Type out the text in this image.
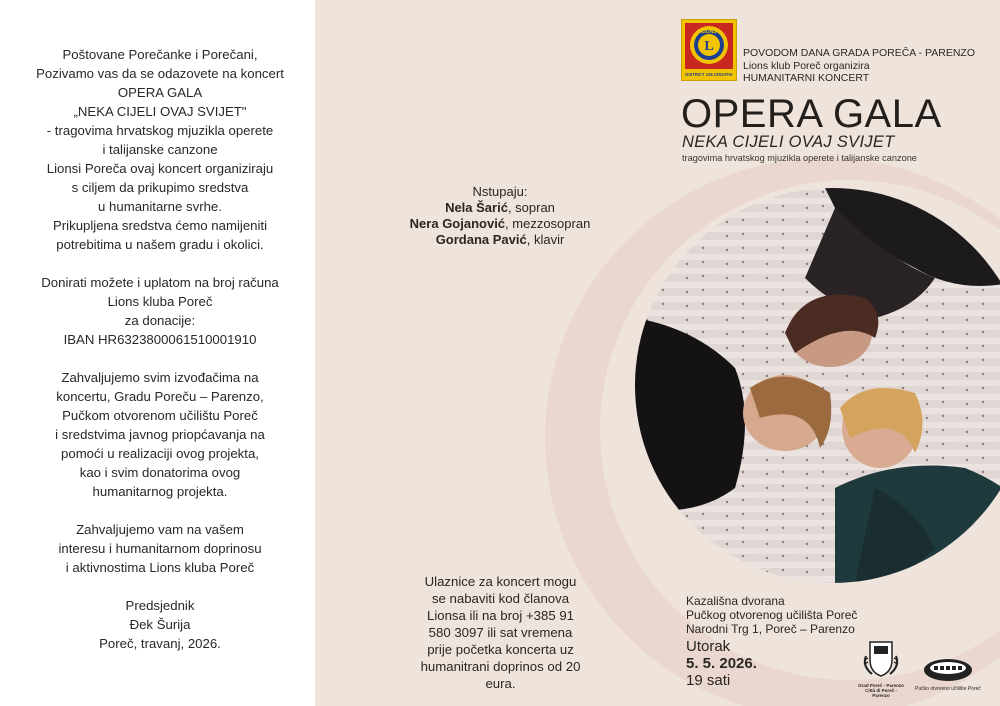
Poštovane Porečanke i Porečani,

Pozivamo vas da se odazovete na koncert

OPERA GALA

„NEKA CIJELI OVAJ SVIJET"

- tragovima hrvatskog mjuzikla operete

i talijanske canzone

Lionsi Poreča ovaj koncert organiziraju

s ciljem da prikupimo sredstva

u humanitarne svrhe.

Prikupljena sredstva ćemo namijeniti

potrebitima u našem gradu i okolici.

Donirati možete i uplatom na broj računa

Lions kluba Poreč

za donacije:

IBAN HR6323800061510001910

Zahvaljujemo svim izvođačima na

koncertu, Gradu Poreču – Parenzo,

Pučkom otvorenom učilištu Poreč

i sredstvima javnog priopćavanja na

pomoći u realizaciji ovog projekta,

kao i svim donatorima ovog

humanitarnog projekta.

Zahvaljujemo vam na vašem

interesu i humanitarnom doprinosu

i aktivnostima Lions kluba Poreč

Predsjednik

Đek Šurija

Poreč, travanj, 2026.

Nstupaju:
Nela Šarić, sopran
Nera Gojanović, mezzosopran
Gordana Pavić, klavir
Ulaznice za koncert mogu
se nabaviti kod članova
Lionsa ili na broj +385 91
580 3097 ili sat vremena
prije početka koncerta uz
humanitrani doprinos od 20
eura.
L
LIONS
DISTRICT 126 CROATIA
POVODOM DANA GRADA POREČA - PARENZO
Lions klub Poreč organizira
HUMANITARNI KONCERT
OPERA GALA
NEKA CIJELI OVAJ SVIJET
tragovima hrvatskog mjuzikla operete i talijanske canzone
Kazališna dvorana
Pučkog otvorenog učilišta Poreč
Narodni Trg 1, Poreč – Parenzo
Utorak
5. 5. 2026.
19 sati	Grad Poreč - Parenzo
Città di Poreč - Parenzo
Pučko otvoreno učilište Poreč
